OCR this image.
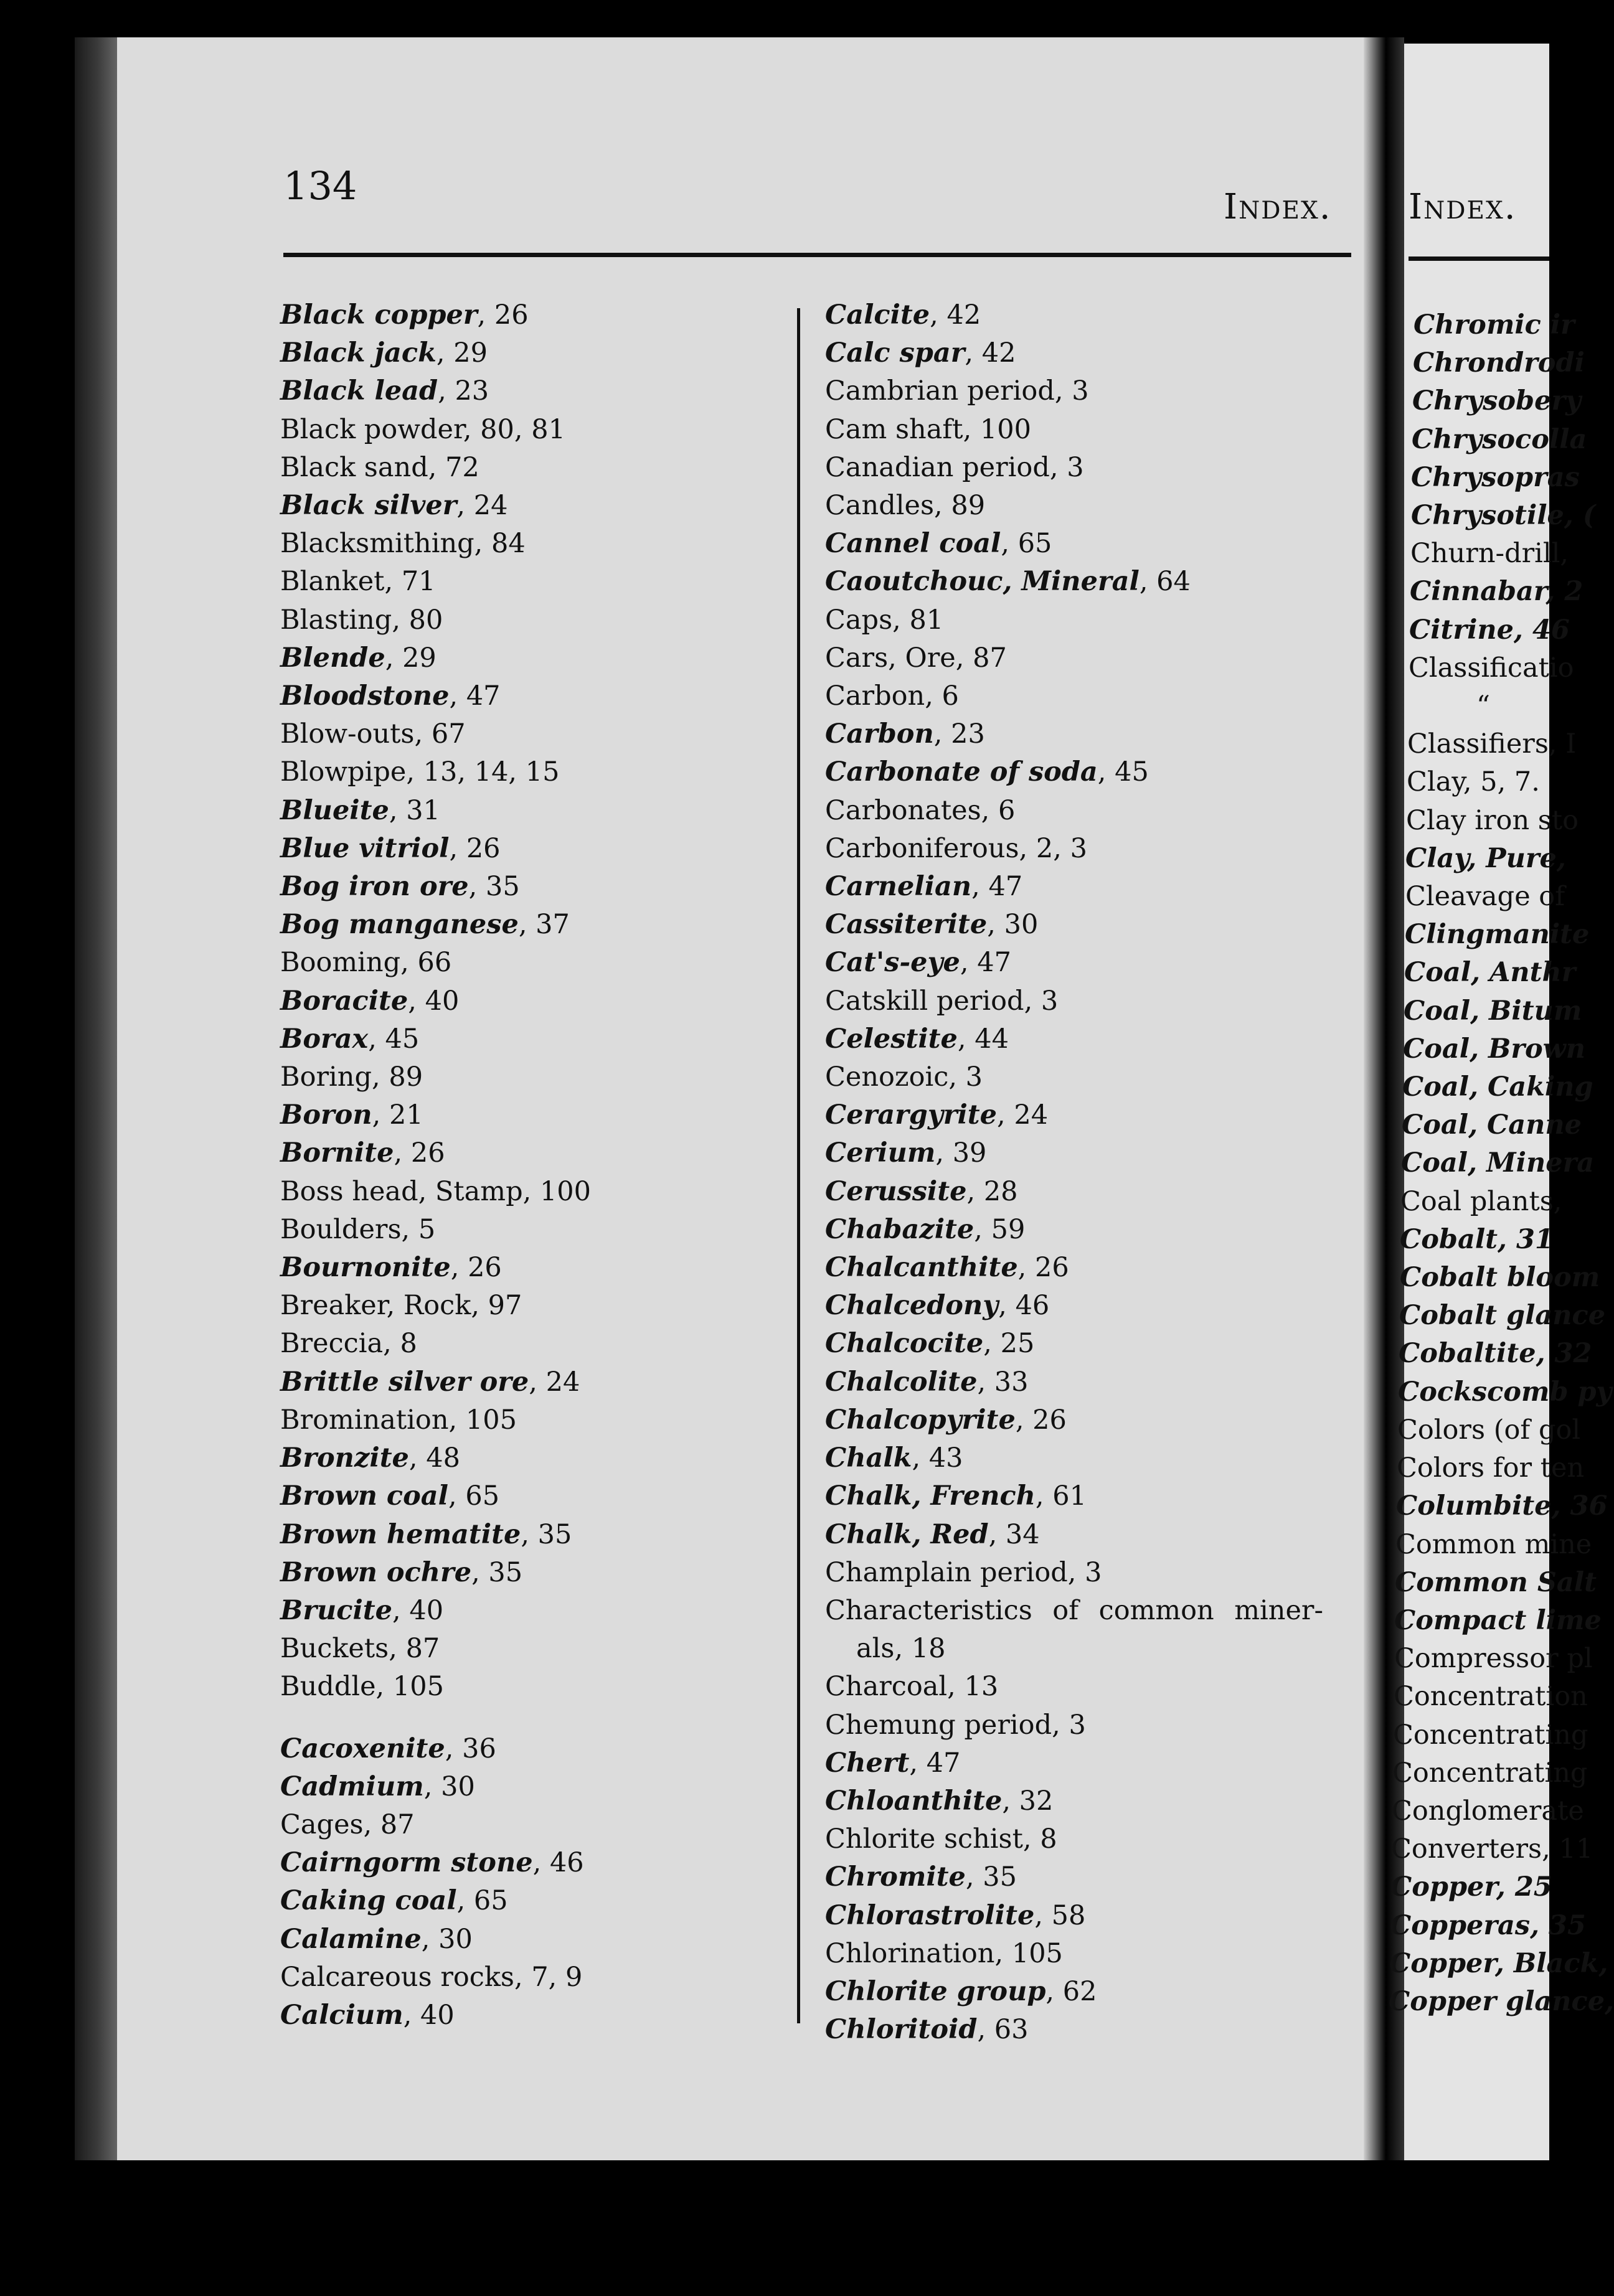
134	Index.
Black copper, 26
Black jack, 29
Black lead, 23
Black powder, 80, 81
Black sand, 72
Black silver, 24
Blacksmithing, 84
Blanket, 71
Blasting, 80
Blende, 29
Bloodstone, 47
Blow-outs, 67
Blowpipe, 13, 14, 15
Blueite, 31
Blue vitriol, 26
Bog iron ore, 35
Bog manganese, 37
Booming, 66
Boracite, 40
Borax, 45
Boring, 89
Boron, 21
Bornite, 26
Boss head, Stamp, 100
Boulders, 5
Bournonite, 26
Breaker, Rock, 97
Breccia, 8
Brittle silver ore, 24
Bromination, 105
Bronzite, 48
Brown coal, 65
Brown hematite, 35
Brown ochre, 35
Brucite, 40
Buckets, 87
Buddle, 105
Cacoxenite, 36
Cadmium, 30
Cages, 87
Cairngorm stone, 46
Caking coal, 65
Calamine, 30
Calcareous rocks, 7, 9
Calcium, 40
Calcite, 42
Calc spar, 42
Cambrian period, 3
Cam shaft, 100
Canadian period, 3
Candles, 89
Cannel coal, 65
Caoutchouc, Mineral, 64
Caps, 81
Cars, Ore, 87
Carbon, 6
Carbon, 23
Carbonate of soda, 45
Carbonates, 6
Carboniferous, 2, 3
Carnelian, 47
Cassiterite, 30
Cat's-eye, 47
Catskill period, 3
Celestite, 44
Cenozoic, 3
Cerargyrite, 24
Cerium, 39
Cerussite, 28
Chabazite, 59
Chalcanthite, 26
Chalcedony, 46
Chalcocite, 25
Chalcolite, 33
Chalcopyrite, 26
Chalk, 43
Chalk, French, 61
Chalk, Red, 34
Champlain period, 3
Characteristics of common miner-
als, 18
Charcoal, 13
Chemung period, 3
Chert, 47
Chloanthite, 32
Chlorite schist, 8
Chromite, 35
Chlorastrolite, 58
Chlorination, 105
Chlorite group, 62
Chloritoid, 63
Index.
Chromic ir
Chrondrodi
Chrysobery
Chrysocolla
Chrysopras
Chrysotile, (
Churn-drill,
Cinnabar, 2
Citrine, 46
Classificatio
“
Classifiers, I
Clay, 5, 7.
Clay iron sto
Clay, Pure,
Cleavage of
Clingmanite
Coal, Anthr
Coal, Bitum
Coal, Brown
Coal, Caking
Coal, Canne
Coal, Minera
Coal plants,
Cobalt, 31
Cobalt bloom
Cobalt glance
Cobaltite, 32
Cockscomb py
Colors (of gol
Colors for ten
Columbite, 36
Common mine
Common Salt
Compact lime
Compressor pl
Concentration
Concentrating
Concentrating
Conglomerate
Converters, 11
Copper, 25
Copperas, 35
Copper, Black,
Copper glance,
